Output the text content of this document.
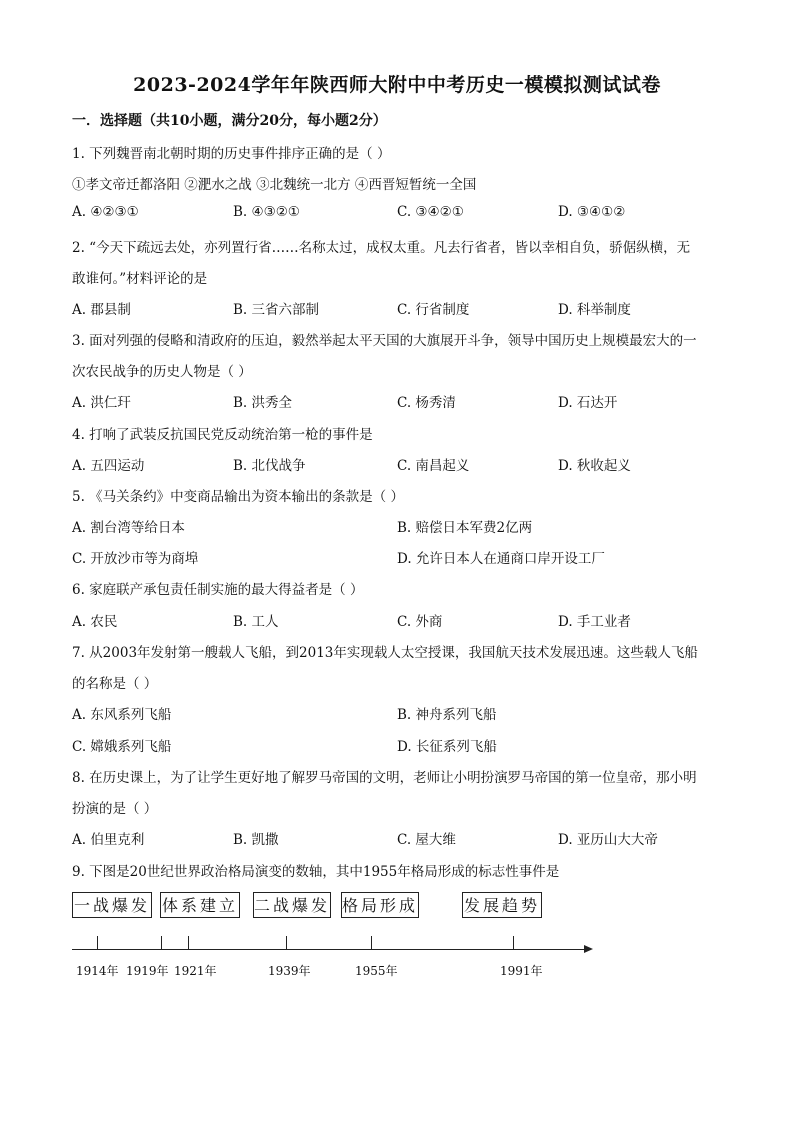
2023-2024学年年陕西师大附中中考历史一模模拟测试试卷
一．选择题（共10小题，满分20分，每小题2分）
1. 下列魏晋南北朝时期的历史事件排序正确的是（ ）
①孝文帝迁都洛阳 ②淝水之战 ③北魏统一北方 ④西晋短暂统一全国
A. ④②③①	B. ④③②①	C. ③④②①	D. ③④①②
2. “今天下疏远去处，亦列置行省……名称太过，成权太重。凡去行省者，皆以幸相自负，骄倨纵横，无
敢谁何。”材料评论的是
A. 郡县制	B. 三省六部制	C. 行省制度	D. 科举制度
3. 面对列强的侵略和清政府的压迫，毅然举起太平天国的大旗展开斗争，领导中国历史上规模最宏大的一
次农民战争的历史人物是（ ）
A. 洪仁玕	B. 洪秀全	C. 杨秀清	D. 石达开
4. 打响了武装反抗国民党反动统治第一枪的事件是
A. 五四运动	B. 北伐战争	C. 南昌起义	D. 秋收起义
5. 《马关条约》中变商品输出为资本输出的条款是（ ）
A. 割台湾等给日本	B. 赔偿日本军费2亿两
C. 开放沙市等为商埠	D. 允许日本人在通商口岸开设工厂
6. 家庭联产承包责任制实施的最大得益者是（ ）
A. 农民	B. 工人	C. 外商	D. 手工业者
7. 从2003年发射第一艘载人飞船，到2013年实现载人太空授课，我国航天技术发展迅速。这些载人飞船
的名称是（ ）
A. 东风系列飞船	B. 神舟系列飞船
C. 嫦娥系列飞船	D. 长征系列飞船
8. 在历史课上，为了让学生更好地了解罗马帝国的文明，老师让小明扮演罗马帝国的第一位皇帝，那小明
扮演的是（ ）
A. 伯里克利	B. 凯撒	C. 屋大维	D. 亚历山大大帝
9. 下图是20世纪世界政治格局演变的数轴，其中1955年格局形成的标志性事件是
一战爆发 体系建立 二战爆发 格局形成	发展趋势
1914年 1919年 1921年	1939年	1955年	1991年
